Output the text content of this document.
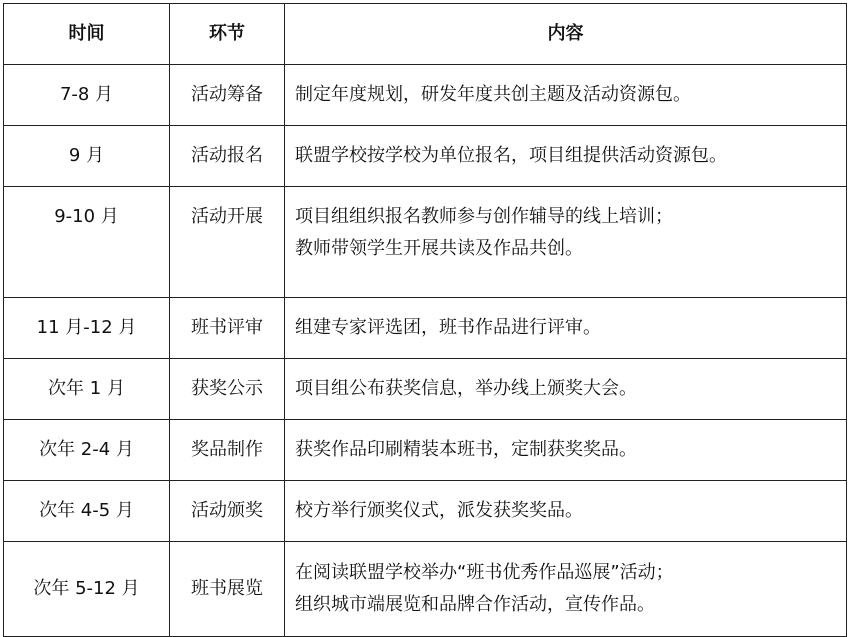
时间	环节	内容
7-8 月	活动筹备	制定年度规划，研发年度共创主题及活动资源包。

9 月	活动报名	联盟学校按学校为单位报名，项目组提供活动资源包。

9-10 月	活动开展	项目组组织报名教师参与创作辅导的线上培训；
教师带领学生开展共读及作品共创。

11 月-12 月	班书评审	组建专家评选团，班书作品进行评审。

次年 1 月	获奖公示	项目组公布获奖信息，举办线上颁奖大会。

次年 2-4 月	奖品制作	获奖作品印刷精装本班书，定制获奖奖品。

次年 4-5 月	活动颁奖	校方举行颁奖仪式，派发获奖奖品。

次年 5-12 月	班书展览	在阅读联盟学校举办“班书优秀作品巡展”活动；
组织城市端展览和品牌合作活动，宣传作品。
